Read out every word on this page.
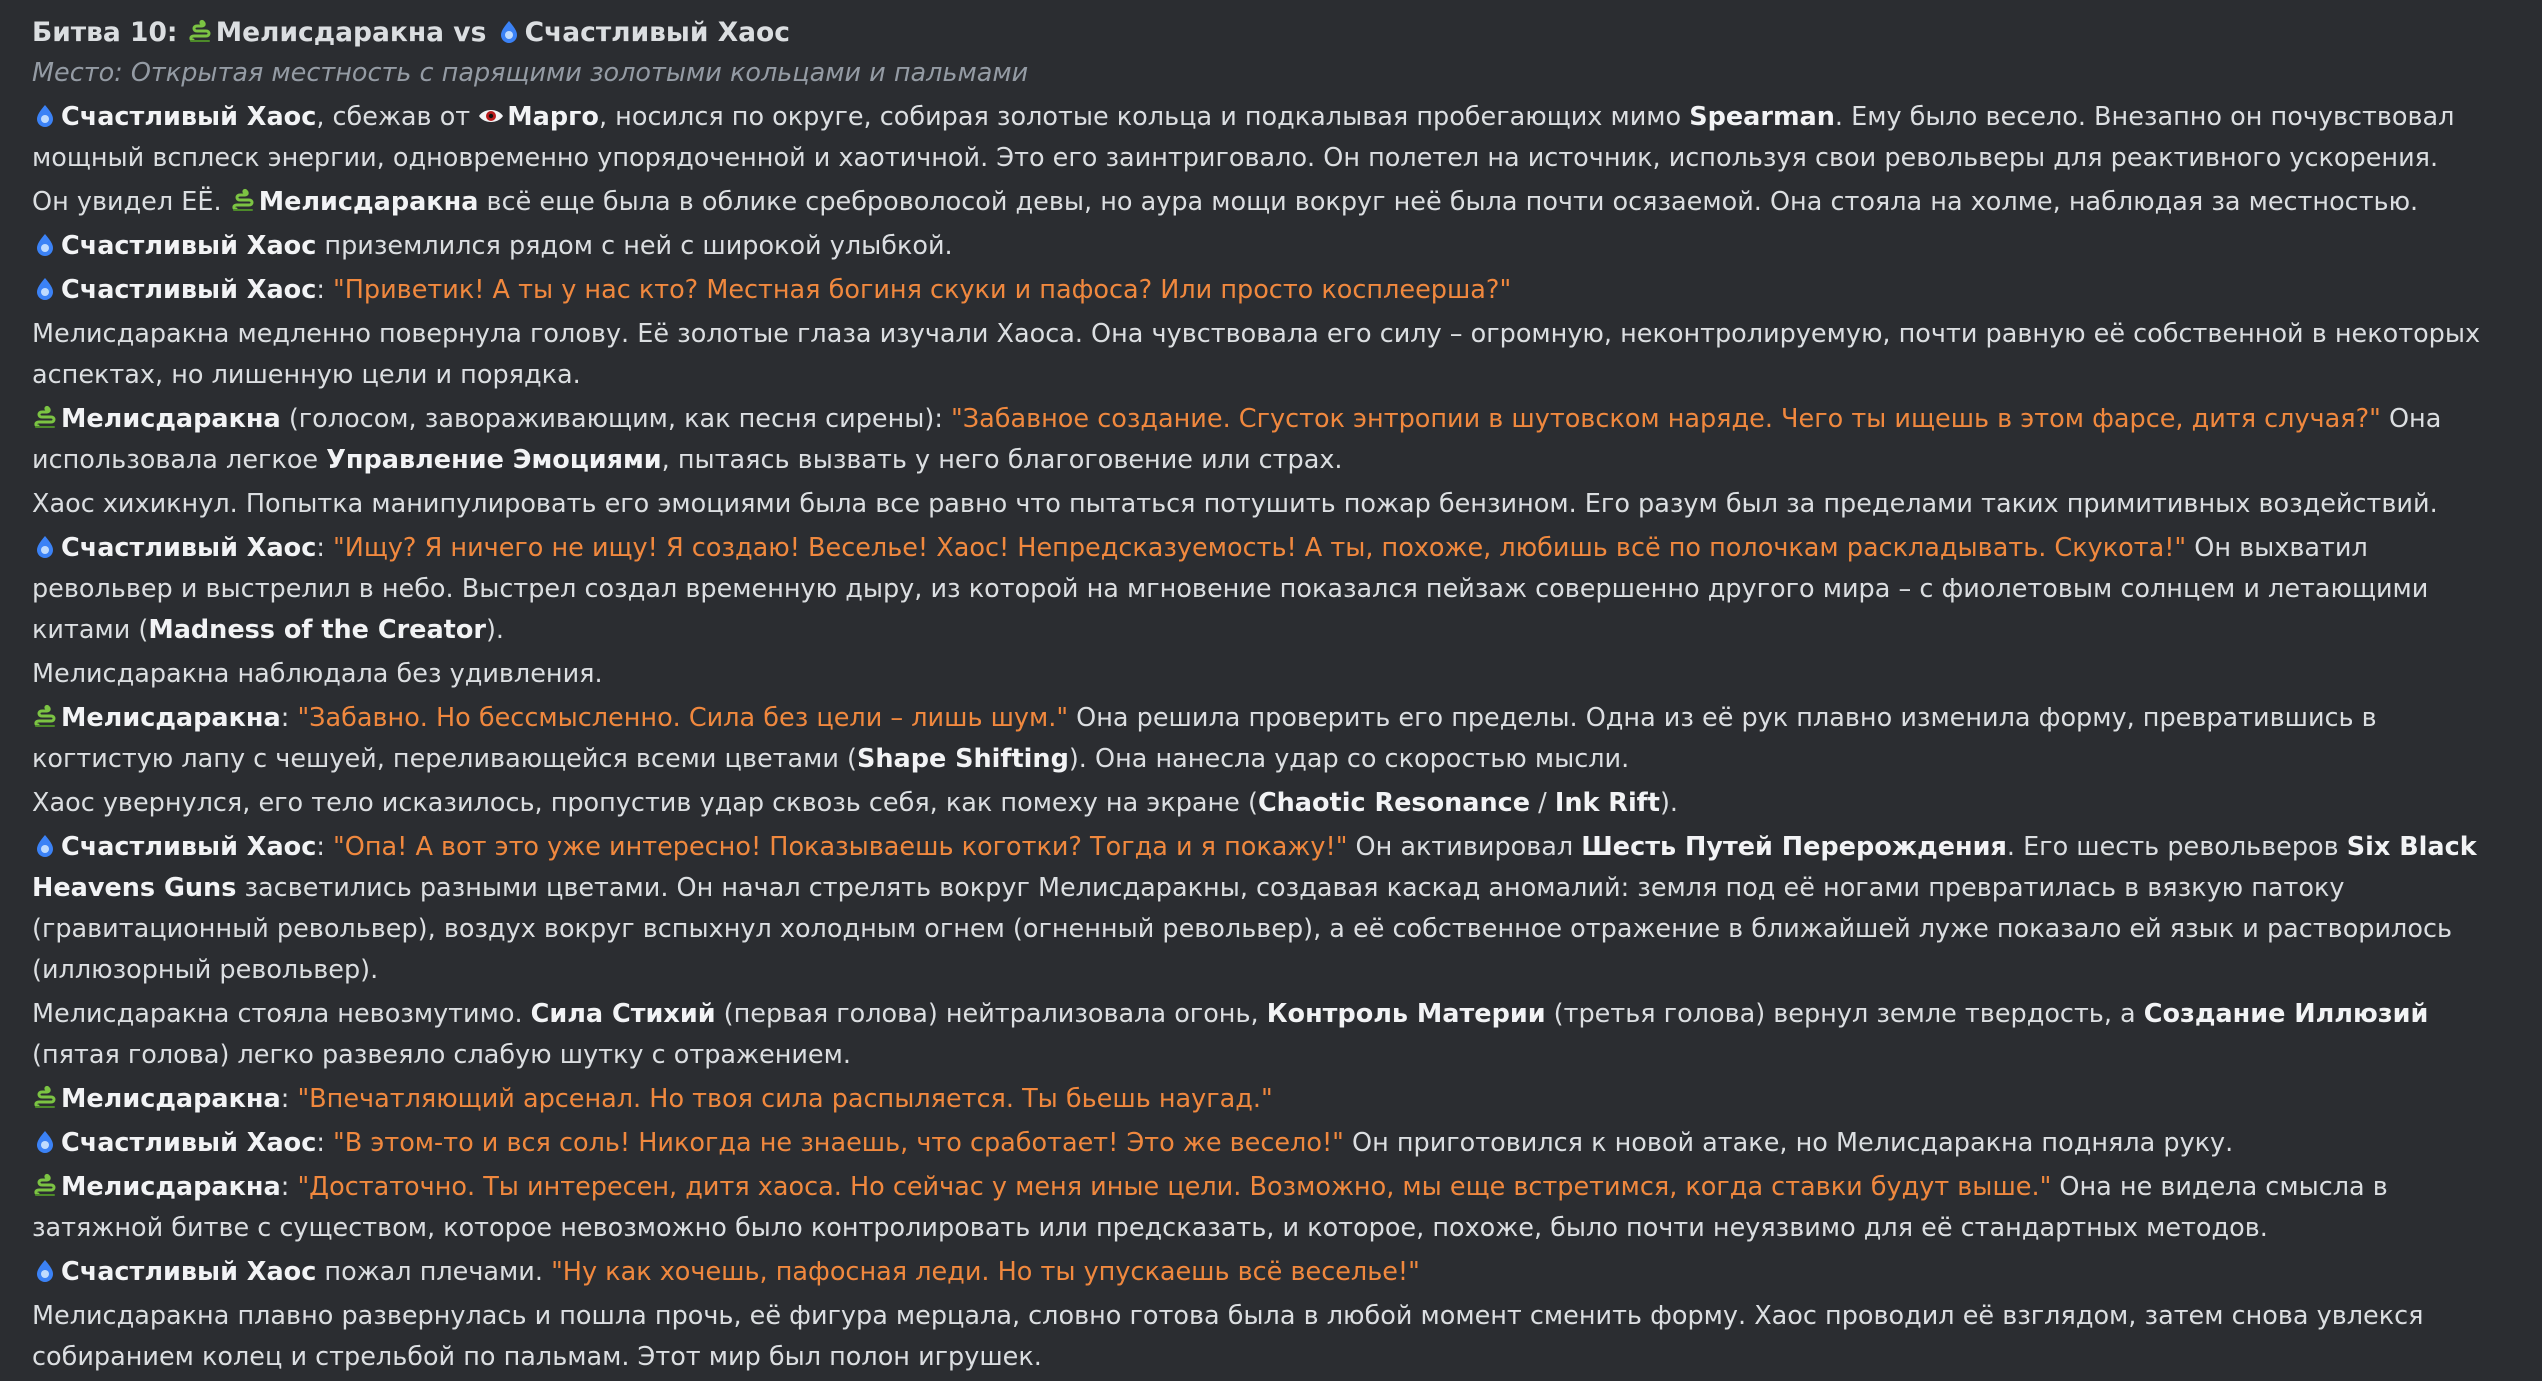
Битва 10: Мелисдаракна vs Счастливый Хаос
Место: Открытая местность с парящими золотыми кольцами и пальмами
Счастливый Хаос, сбежав от Марго, носился по округе, собирая золотые кольца и подкалывая пробегающих мимо Spearman. Ему было весело. Внезапно он почувствовал мощный всплеск энергии, одновременно упорядоченной и хаотичной. Это его заинтриговало. Он полетел на источник, используя свои револьверы для реактивного ускорения.
Он увидел ЕЁ. Мелисдаракна всё еще была в облике среброволосой девы, но аура мощи вокруг неё была почти осязаемой. Она стояла на холме, наблюдая за местностью.
Счастливый Хаос приземлился рядом с ней с широкой улыбкой.
Счастливый Хаос: "Приветик! А ты у нас кто? Местная богиня скуки и пафоса? Или просто косплеерша?"
Мелисдаракна медленно повернула голову. Её золотые глаза изучали Хаоса. Она чувствовала его силу – огромную, неконтролируемую, почти равную её собственной в некоторых аспектах, но лишенную цели и порядка.
Мелисдаракна (голосом, завораживающим, как песня сирены): "Забавное создание. Сгусток энтропии в шутовском наряде. Чего ты ищешь в этом фарсе, дитя случая?" Она использовала легкое Управление Эмоциями, пытаясь вызвать у него благоговение или страх.
Хаос хихикнул. Попытка манипулировать его эмоциями была все равно что пытаться потушить пожар бензином. Его разум был за пределами таких примитивных воздействий.
Счастливый Хаос: "Ищу? Я ничего не ищу! Я создаю! Веселье! Хаос! Непредсказуемость! А ты, похоже, любишь всё по полочкам раскладывать. Скукота!" Он выхватил револьвер и выстрелил в небо. Выстрел создал временную дыру, из которой на мгновение показался пейзаж совершенно другого мира – с фиолетовым солнцем и летающими китами (Madness of the Creator).
Мелисдаракна наблюдала без удивления.
Мелисдаракна: "Забавно. Но бессмысленно. Сила без цели – лишь шум." Она решила проверить его пределы. Одна из её рук плавно изменила форму, превратившись в когтистую лапу с чешуей, переливающейся всеми цветами (Shape Shifting). Она нанесла удар со скоростью мысли.
Хаос увернулся, его тело исказилось, пропустив удар сквозь себя, как помеху на экране (Chaotic Resonance / Ink Rift).
Счастливый Хаос: "Опа! А вот это уже интересно! Показываешь коготки? Тогда и я покажу!" Он активировал Шесть Путей Перерождения. Его шесть револьверов Six Black Heavens Guns засветились разными цветами. Он начал стрелять вокруг Мелисдаракны, создавая каскад аномалий: земля под её ногами превратилась в вязкую патоку (гравитационный револьвер), воздух вокруг вспыхнул холодным огнем (огненный револьвер), а её собственное отражение в ближайшей луже показало ей язык и растворилось (иллюзорный револьвер).
Мелисдаракна стояла невозмутимо. Сила Стихий (первая голова) нейтрализовала огонь, Контроль Материи (третья голова) вернул земле твердость, а Создание Иллюзий (пятая голова) легко развеяло слабую шутку с отражением.
Мелисдаракна: "Впечатляющий арсенал. Но твоя сила распыляется. Ты бьешь наугад."
Счастливый Хаос: "В этом-то и вся соль! Никогда не знаешь, что сработает! Это же весело!" Он приготовился к новой атаке, но Мелисдаракна подняла руку.
Мелисдаракна: "Достаточно. Ты интересен, дитя хаоса. Но сейчас у меня иные цели. Возможно, мы еще встретимся, когда ставки будут выше." Она не видела смысла в затяжной битве с существом, которое невозможно было контролировать или предсказать, и которое, похоже, было почти неуязвимо для её стандартных методов.
Счастливый Хаос пожал плечами. "Ну как хочешь, пафосная леди. Но ты упускаешь всё веселье!"
Мелисдаракна плавно развернулась и пошла прочь, её фигура мерцала, словно готова была в любой момент сменить форму. Хаос проводил её взглядом, затем снова увлекся собиранием колец и стрельбой по пальмам. Этот мир был полон игрушек.
